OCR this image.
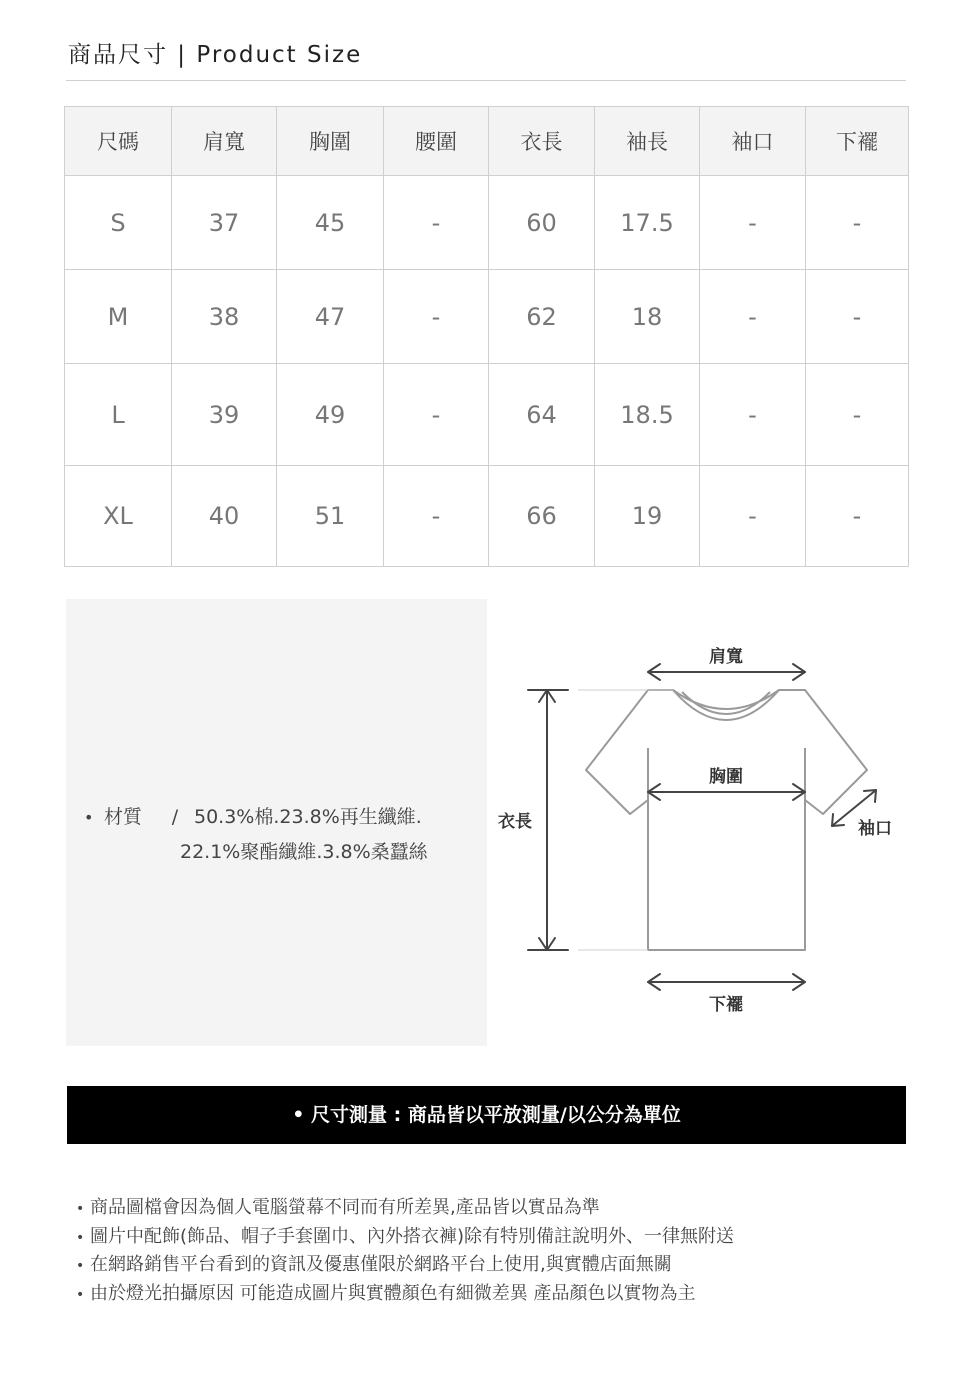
商品尺寸 | Product Size
尺碼	肩寬	胸圍	腰圍	衣長	袖長	袖口	下襬
S	37	45	-	60	17.5	-	-
M	38	47	-	62	18	-	-
L	39	49	-	64	18.5	-	-
XL	40	51	-	66	19	-	-
• 材質 / 50.3%棉.23.8%再生纖維.
22.1%聚酯纖維.3.8%桑蠶絲
肩寬
胸圍
衣長	袖口
下襬
• 尺寸測量 : 商品皆以平放測量/以公分為單位
• 商品圖檔會因為個人電腦螢幕不同而有所差異,產品皆以實品為準
• 圖片中配飾(飾品、帽子手套圍巾、內外搭衣褲)除有特別備註說明外、一律無附送
• 在網路銷售平台看到的資訊及優惠僅限於網路平台上使用,與實體店面無關
• 由於燈光拍攝原因 可能造成圖片與實體顏色有細微差異 產品顏色以實物為主
